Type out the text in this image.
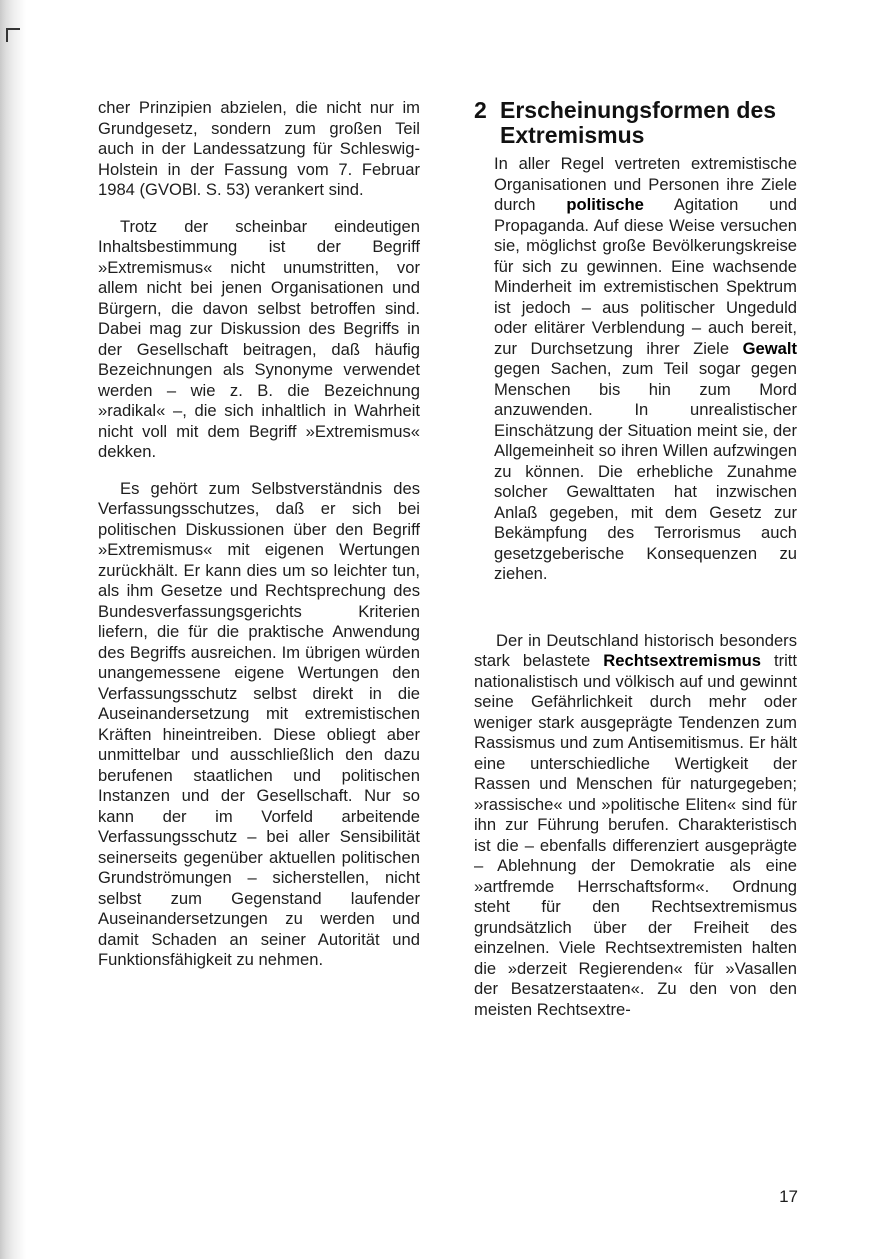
cher Prinzipien abzielen, die nicht nur im Grundgesetz, sondern zum großen Teil auch in der Landessatzung für Schleswig-Holstein in der Fassung vom 7. Februar 1984 (GVOBl. S. 53) verankert sind.

Trotz der scheinbar eindeutigen Inhaltsbestimmung ist der Begriff »Extremismus« nicht unumstritten, vor allem nicht bei jenen Organisationen und Bürgern, die davon selbst betroffen sind. Dabei mag zur Diskussion des Begriffs in der Gesellschaft beitragen, daß häufig Bezeichnungen als Synonyme verwendet werden – wie z. B. die Bezeichnung »radikal« –, die sich inhaltlich in Wahrheit nicht voll mit dem Begriff »Extremismus« dekken.

Es gehört zum Selbstverständnis des Verfassungsschutzes, daß er sich bei politischen Diskussionen über den Begriff »Extremismus« mit eigenen Wertungen zurückhält. Er kann dies um so leichter tun, als ihm Gesetze und Rechtsprechung des Bundesverfassungsgerichts Kriterien liefern, die für die praktische Anwendung des Begriffs ausreichen. Im übrigen würden unangemessene eigene Wertungen den Verfassungsschutz selbst direkt in die Auseinandersetzung mit extremistischen Kräften hineintreiben. Diese obliegt aber unmittelbar und ausschließlich den dazu berufenen staatlichen und politischen Instanzen und der Gesellschaft. Nur so kann der im Vorfeld arbeitende Verfassungsschutz – bei aller Sensibilität seinerseits gegenüber aktuellen politischen Grundströmungen – sicherstellen, nicht selbst zum Gegenstand laufender Auseinandersetzungen zu werden und damit Schaden an seiner Autorität und Funktionsfähigkeit zu nehmen.

2 Erscheinungsformen des Extremismus

In aller Regel vertreten extremistische Organisationen und Personen ihre Ziele durch politische Agitation und Propaganda. Auf diese Weise versuchen sie, möglichst große Bevölkerungskreise für sich zu gewinnen. Eine wachsende Minderheit im extremistischen Spektrum ist jedoch – aus politischer Ungeduld oder elitärer Verblendung – auch bereit, zur Durchsetzung ihrer Ziele Gewalt gegen Sachen, zum Teil sogar gegen Menschen bis hin zum Mord anzuwenden. In unrealistischer Einschätzung der Situation meint sie, der Allgemeinheit so ihren Willen aufzwingen zu können. Die erhebliche Zunahme solcher Gewalttaten hat inzwischen Anlaß gegeben, mit dem Gesetz zur Bekämpfung des Terrorismus auch gesetzgeberische Konsequenzen zu ziehen.

Der in Deutschland historisch besonders stark belastete Rechtsextremismus tritt nationalistisch und völkisch auf und gewinnt seine Gefährlichkeit durch mehr oder weniger stark ausgeprägte Tendenzen zum Rassismus und zum Antisemitismus. Er hält eine unterschiedliche Wertigkeit der Rassen und Menschen für naturgegeben; »rassische« und »politische Eliten« sind für ihn zur Führung berufen. Charakteristisch ist die – ebenfalls differenziert ausgeprägte – Ablehnung der Demokratie als eine »artfremde Herrschaftsform«. Ordnung steht für den Rechtsextremismus grundsätzlich über der Freiheit des einzelnen. Viele Rechtsextremisten halten die »derzeit Regierenden« für »Vasallen der Besatzerstaaten«. Zu den von den meisten Rechtsextre-

17
